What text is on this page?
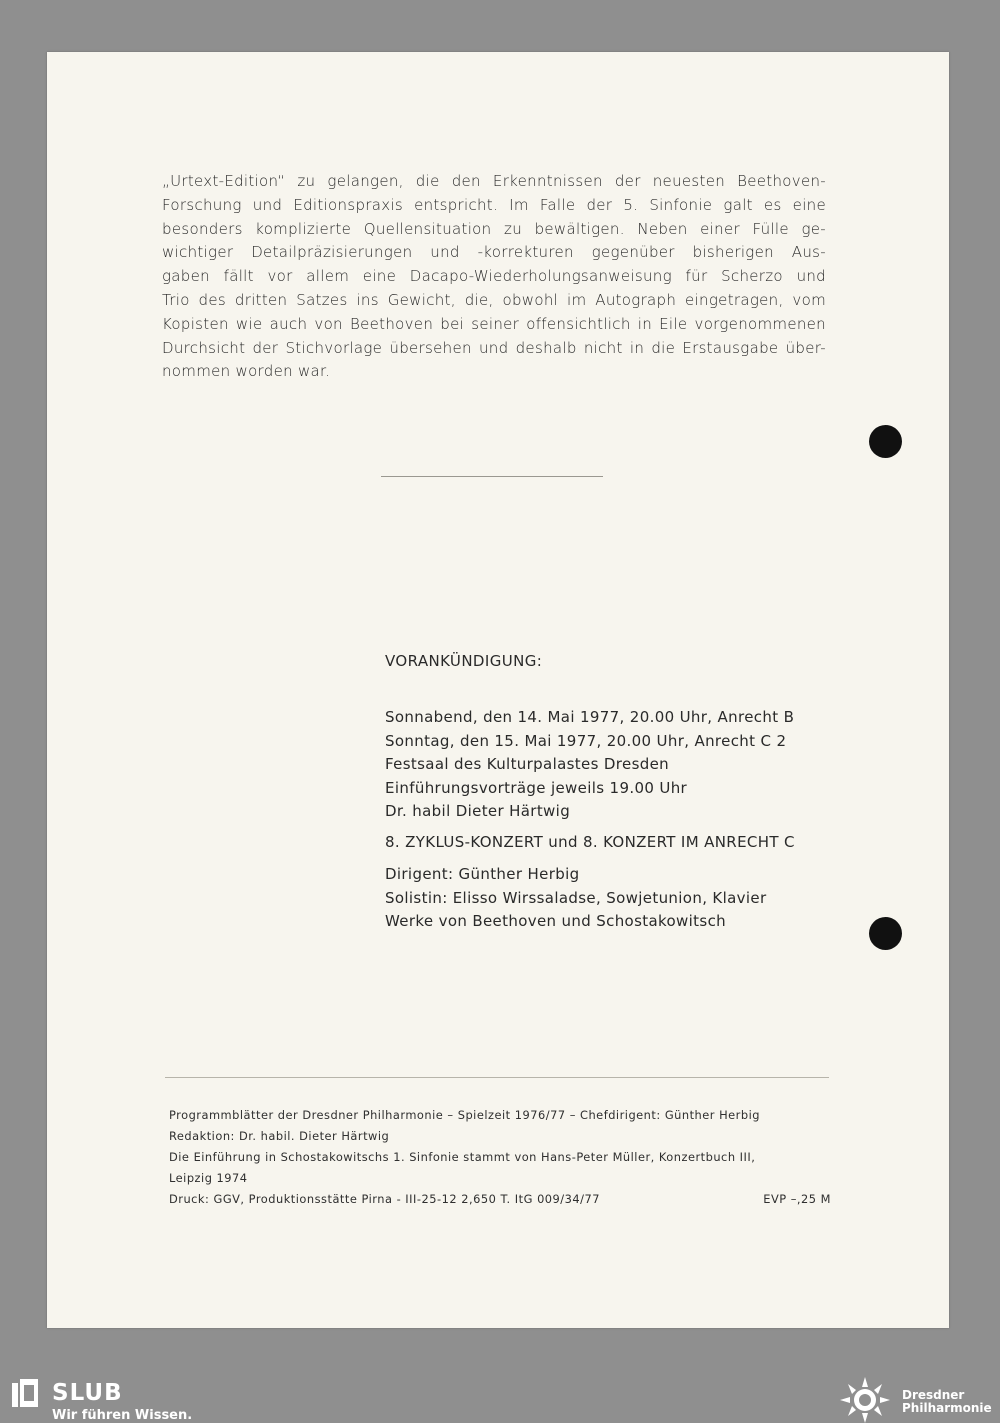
„Urtext-Edition“ zu gelangen, die den Erkenntnissen der neuesten Beethoven-
Forschung und Editionspraxis entspricht. Im Falle der 5. Sinfonie galt es eine
besonders komplizierte Quellensituation zu bewältigen. Neben einer Fülle ge-
wichtiger Detailpräzisierungen und -korrekturen gegenüber bisherigen Aus-
gaben fällt vor allem eine Dacapo-Wiederholungsanweisung für Scherzo und
Trio des dritten Satzes ins Gewicht, die, obwohl im Autograph eingetragen, vom
Kopisten wie auch von Beethoven bei seiner offensichtlich in Eile vorgenommenen
Durchsicht der Stichvorlage übersehen und deshalb nicht in die Erstausgabe über-
nommen worden war.
VORANKÜNDIGUNG:
Sonnabend, den 14. Mai 1977, 20.00 Uhr, Anrecht B
Sonntag, den 15. Mai 1977, 20.00 Uhr, Anrecht C 2
Festsaal des Kulturpalastes Dresden
Einführungsvorträge jeweils 19.00 Uhr
Dr. habil Dieter Härtwig
8. ZYKLUS-KONZERT und 8. KONZERT IM ANRECHT C
Dirigent: Günther Herbig
Solistin: Elisso Wirssaladse, Sowjetunion, Klavier
Werke von Beethoven und Schostakowitsch
Programmblätter der Dresdner Philharmonie – Spielzeit 1976/77 – Chefdirigent: Günther Herbig
Redaktion: Dr. habil. Dieter Härtwig
Die Einführung in Schostakowitschs 1. Sinfonie stammt von Hans-Peter Müller, Konzertbuch III,
Leipzig 1974
Druck: GGV, Produktionsstätte Pirna - III-25-12 2,650 T. ItG 009/34/77	EVP –,25 M
SLUB
Wir führen Wissen.
Dresdner
Philharmonie
